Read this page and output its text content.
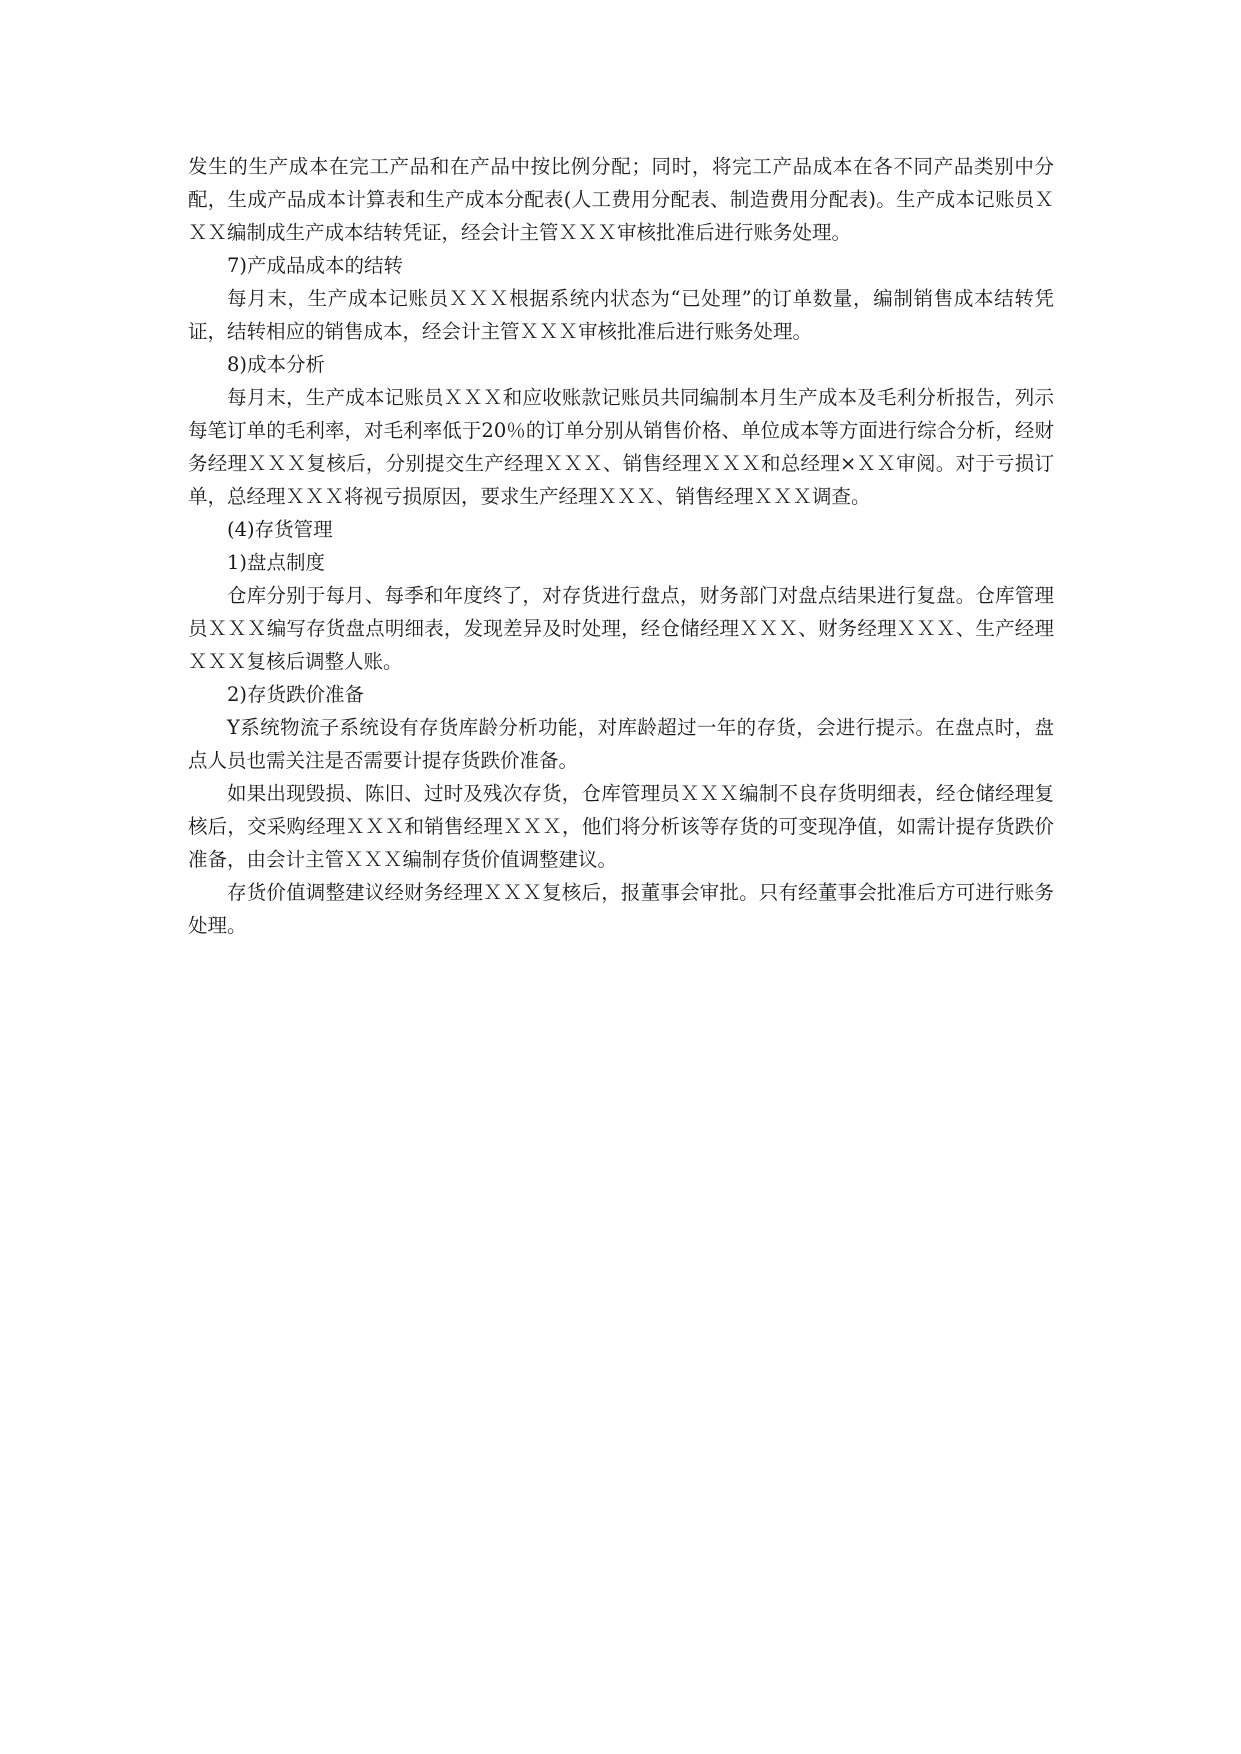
发生的生产成本在完工产品和在产品中按比例分配；同时，将完工产品成本在各不同产品类别中分配，生成产品成本计算表和生产成本分配表(人工费用分配表、制造费用分配表)。生产成本记账员ＸＸＸ编制成生产成本结转凭证，经会计主管ＸＸＸ审核批准后进行账务处理。

7)产成品成本的结转

每月末，生产成本记账员ＸＸＸ根据系统内状态为“已处理”的订单数量，编制销售成本结转凭证，结转相应的销售成本，经会计主管ＸＸＸ审核批准后进行账务处理。

8)成本分析

每月末，生产成本记账员ＸＸＸ和应收账款记账员共同编制本月生产成本及毛利分析报告，列示每笔订单的毛利率，对毛利率低于20％的订单分别从销售价格、单位成本等方面进行综合分析，经财务经理ＸＸＸ复核后，分别提交生产经理ＸＸＸ、销售经理ＸＸＸ和总经理×ＸＸ审阅。对于亏损订单，总经理ＸＸＸ将视亏损原因，要求生产经理ＸＸＸ、销售经理ＸＸＸ调查。

(4)存货管理

1)盘点制度

仓库分别于每月、每季和年度终了，对存货进行盘点，财务部门对盘点结果进行复盘。仓库管理员ＸＸＸ编写存货盘点明细表，发现差异及时处理，经仓储经理ＸＸＸ、财务经理ＸＸＸ、生产经理ＸＸＸ复核后调整人账。

2)存货跌价准备

Y系统物流子系统设有存货库龄分析功能，对库龄超过一年的存货，会进行提示。在盘点时，盘点人员也需关注是否需要计提存货跌价准备。

如果出现毁损、陈旧、过时及残次存货，仓库管理员ＸＸＸ编制不良存货明细表，经仓储经理复核后，交采购经理ＸＸＸ和销售经理ＸＸＸ，他们将分析该等存货的可变现净值，如需计提存货跌价准备，由会计主管ＸＸＸ编制存货价值调整建议。

存货价值调整建议经财务经理ＸＸＸ复核后，报董事会审批。只有经董事会批准后方可进行账务处理。
